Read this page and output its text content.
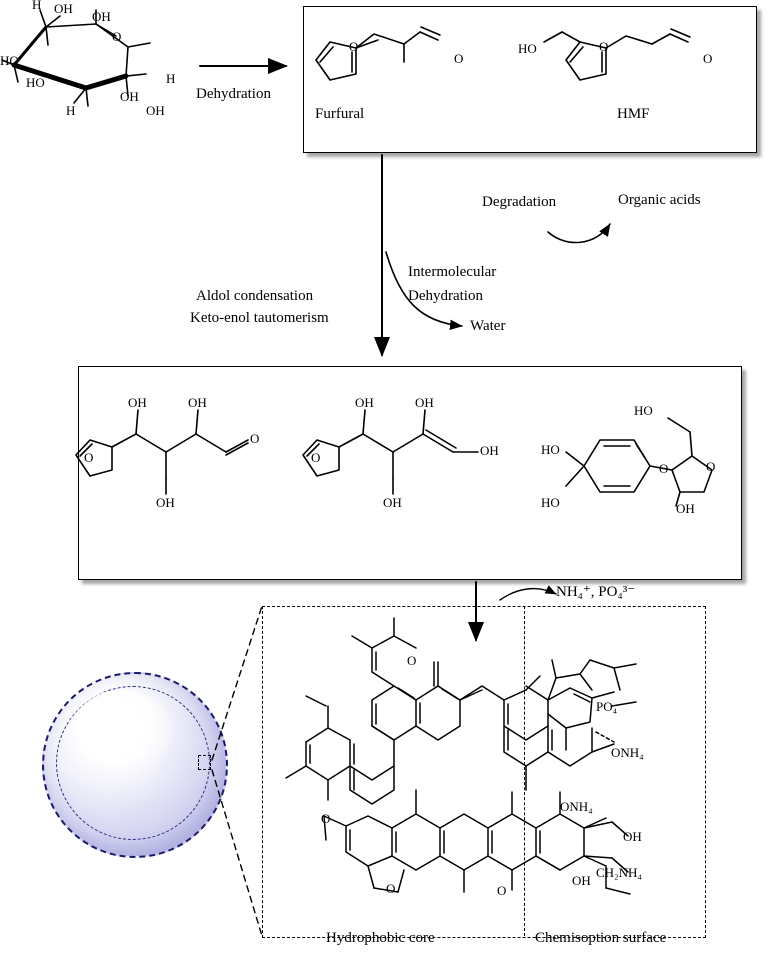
H OH
HO
HO
O
H
OH
H	OH
OH
O
O
HO	O
O
Furfural	HMF
Dehydration
Degradation	Organic acids
Aldol condensation
Keto-enol tautomerism
Intermolecular
Dehydration
Water
NH₄⁺, PO₄³⁻
O
OH	OH
OH
O
O
OH	OH
OH
OH
HO
HO
HO
O	O
OH
PO₄
ONH₄
ONH₄
OH
OH
CH₂NH₄
O
O
O
O
Hydrophobic core	Chemisoption surface
